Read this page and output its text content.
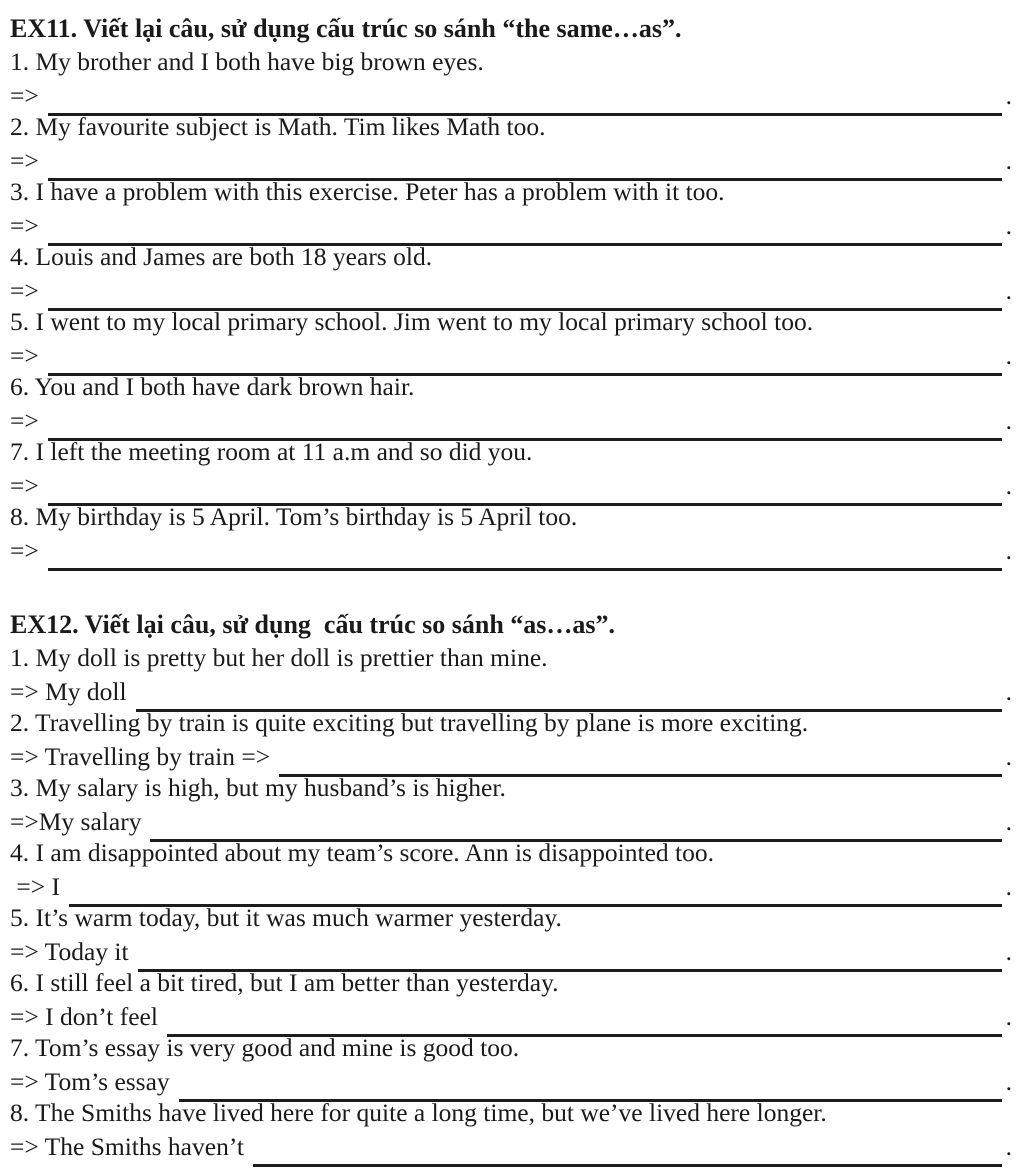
EX11. Viết lại câu, sử dụng cấu trúc so sánh “the same…as”.
1. My brother and I both have big brown eyes.
=>	.
2. My favourite subject is Math. Tim likes Math too.
=>	.
3. I have a problem with this exercise. Peter has a problem with it too.
=>	.
4. Louis and James are both 18 years old.
=>	.
5. I went to my local primary school. Jim went to my local primary school too.
=>	.
6. You and I both have dark brown hair.
=>	.
7. I left the meeting room at 11 a.m and so did you.
=>	.
8. My birthday is 5 April. Tom’s birthday is 5 April too.
=>	.
EX12. Viết lại câu, sử dụng  cấu trúc so sánh “as…as”.
1. My doll is pretty but her doll is prettier than mine.
=> My doll	.
2. Travelling by train is quite exciting but travelling by plane is more exciting.
=> Travelling by train =>	.
3. My salary is high, but my husband’s is higher.
=>My salary	.
4. I am disappointed about my team’s score. Ann is disappointed too.
=> I	.
5. It’s warm today, but it was much warmer yesterday.
=> Today it	.
6. I still feel a bit tired, but I am better than yesterday.
=> I don’t feel	.
7. Tom’s essay is very good and mine is good too.
=> Tom’s essay	.
8. The Smiths have lived here for quite a long time, but we’ve lived here longer.
=> The Smiths haven’t	.
